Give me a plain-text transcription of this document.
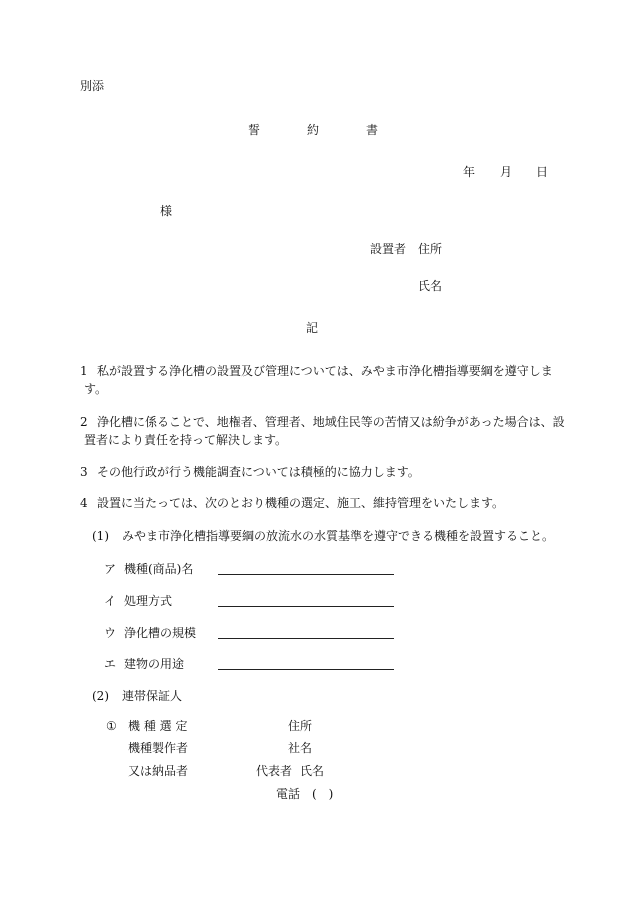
別添
誓	約	書
年 月 日
様
設置者 住所
氏名
記
1 私が設置する浄化槽の設置及び管理については、みやま市浄化槽指導要綱を遵守しま
す。
2 浄化槽に係ることで、地権者、管理者、地域住民等の苦情又は紛争があった場合は、設
置者により責任を持って解決します。
3 その他行政が行う機能調査については積極的に協力します。
4 設置に当たっては、次のとおり機種の選定、施工、維持管理をいたします。
(1) みやま市浄化槽指導要綱の放流水の水質基準を遵守できる機種を設置すること。
ア 機種(商品)名
イ 処理方式
ウ 浄化槽の規模
エ 建物の用途
(2) 連帯保証人
① 機 種 選 定
機種製作者
又は納品者
住所
社名
代表者 氏名
電話 (　)
